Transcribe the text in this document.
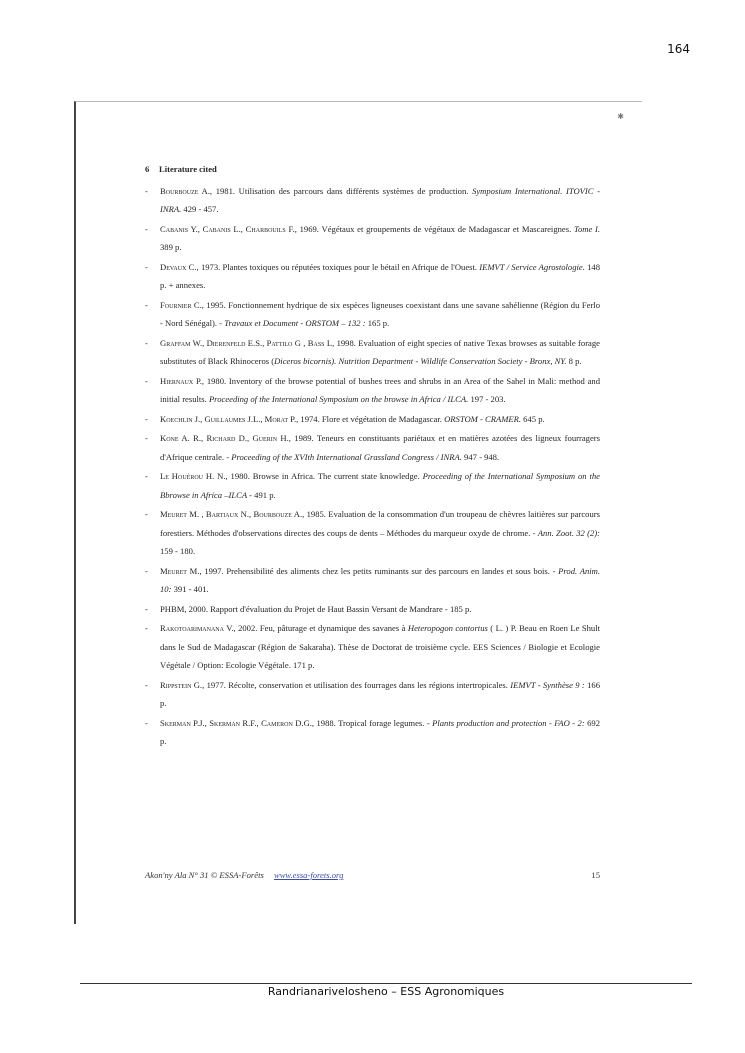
164
✱
6 Literature cited
- Bourbouze A., 1981. Utilisation des parcours dans différents systèmes de production. Symposium International. ITOVIC - INRA. 429 - 457.
- Cabanis Y., Cabanis L., Charbouils F., 1969. Végétaux et groupements de végétaux de Madagascar et Mascareignes. Tome I. 389 p.
- Devaux C., 1973. Plantes toxiques ou réputées toxiques pour le bétail en Afrique de l'Ouest. IEMVT / Service Agrostologie. 148 p. + annexes.
- Fournier C., 1995. Fonctionnement hydrique de six espèces ligneuses coexistant dans une savane sahélienne (Région du Ferlo - Nord Sénégal). - Travaux et Document - ORSTOM – 132 : 165 p.
- Graffam W., Dierenfeld E.S., Pattilo G , Bass L, 1998. Evaluation of eight species of native Texas browses as suitable forage substitutes of Black Rhinoceros (Diceros bicornis). Nutrition Department - Wildlife Conservation Society - Bronx, NY. 8 p.
- Hiernaux P., 1980. Inventory of the browse potential of bushes trees and shrubs in an Area of the Sahel in Mali: method and initial results. Proceeding of the International Symposium on the browse in Africa / ILCA. 197 - 203.
- Koechlin J., Guillaumes J.L., Morat P., 1974. Flore et végétation de Madagascar. ORSTOM - CRAMER. 645 p.
- Kone A. R., Richard D., Guerin H., 1989. Teneurs en constituants pariétaux et en matières azotées des ligneux fourragers d'Afrique centrale. - Proceeding of the XVIth International Grassland Congress / INRA. 947 - 948.
- Le Houérou H. N., 1980. Browse in Africa. The current state knowledge. Proceeding of the International Symposium on the Bbrowse in Africa –ILCA - 491 p.
- Meuret M. , Bartiaux N., Bourbouze A., 1985. Evaluation de la consommation d'un troupeau de chèvres laitières sur parcours forestiers. Méthodes d'observations directes des coups de dents – Méthodes du marqueur oxyde de chrome. - Ann. Zoot. 32 (2): 159 - 180.
- Meuret M., 1997. Prehensibilité des aliments chez les petits ruminants sur des parcours en landes et sous bois. - Prod. Anim. 10: 391 - 401.
- PHBM, 2000. Rapport d'évaluation du Projet de Haut Bassin Versant de Mandrare - 185 p.
- Rakotoarimanana V., 2002. Feu, pâturage et dynamique des savanes à Heteropogon contortus ( L. ) P. Beau en Roen Le Shult dans le Sud de Madagascar (Région de Sakaraha). Thèse de Doctorat de troisième cycle. EES Sciences / Biologie et Ecologie Végétale / Option: Ecologie Végétale. 171 p.
- Rippstein G., 1977. Récolte, conservation et utilisation des fourrages dans les régions intertropicales. IEMVT - Synthèse 9 : 166 p.
- Skerman P.J., Skerman R.F., Cameron D.G., 1988. Tropical forage legumes. - Plants production and protection - FAO - 2: 692 p.
Akon'ny Ala N° 31 © ESSA-Forêts www.essa-forets.org	15
Randrianarivelosheno – ESS Agronomiques
